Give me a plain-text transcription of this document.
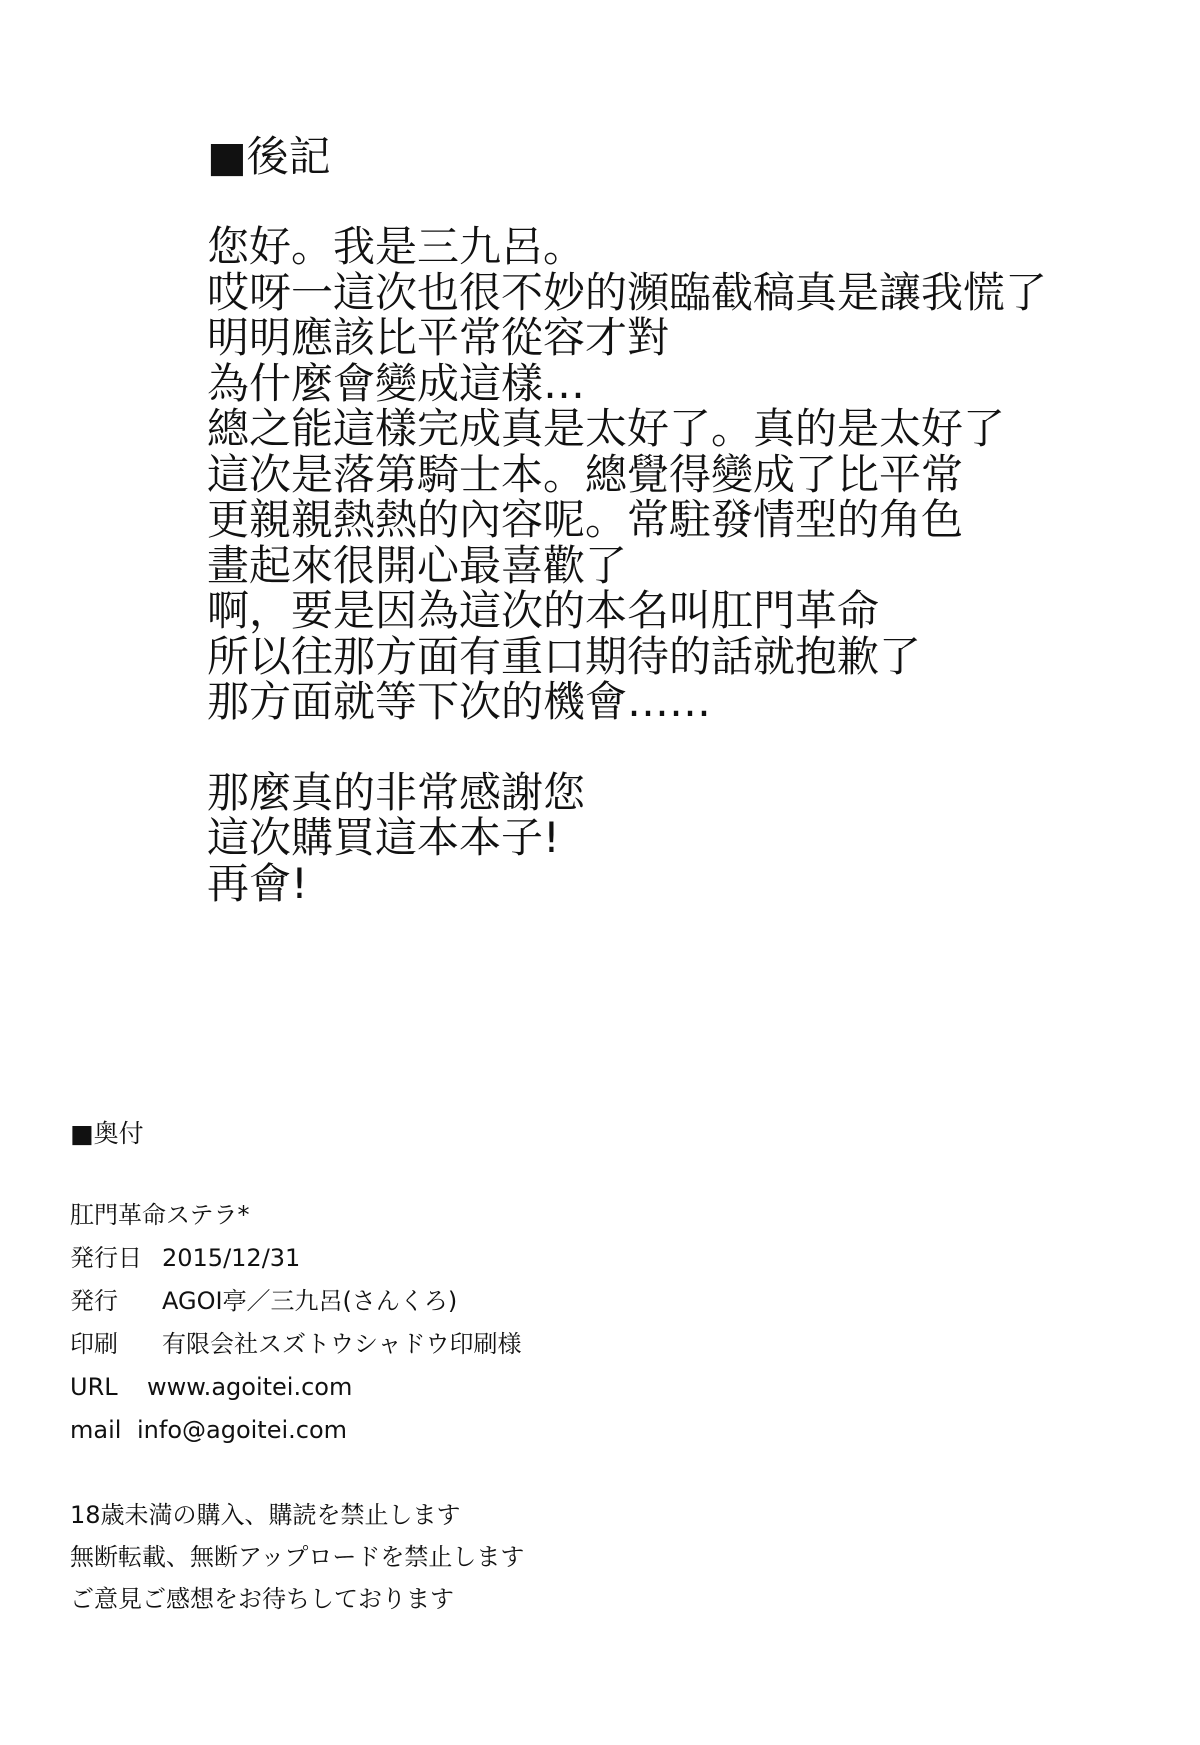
■後記
您好。我是三九呂。
哎呀一這次也很不妙的瀕臨截稿真是讓我慌了
明明應該比平常從容才對
為什麼會變成這樣…
總之能這樣完成真是太好了。真的是太好了
這次是落第騎士本。總覺得變成了比平常
更親親熱熱的內容呢。常駐發情型的角色
畫起來很開心最喜歡了
啊，要是因為這次的本名叫肛門革命
所以往那方面有重口期待的話就抱歉了
那方面就等下次的機會……
那麼真的非常感謝您
這次購買這本本子!
再會!
■奥付
肛門革命ステラ*
発行日 2015/12/31
発行	AGOI亭／三九呂(さんくろ)
印刷	有限会社スズトウシャドウ印刷様
URL	www.agoitei.com
mail info@agoitei.com
18歳未満の購入、購読を禁止します
無断転載、無断アップロードを禁止します
ご意見ご感想をお待ちしております
